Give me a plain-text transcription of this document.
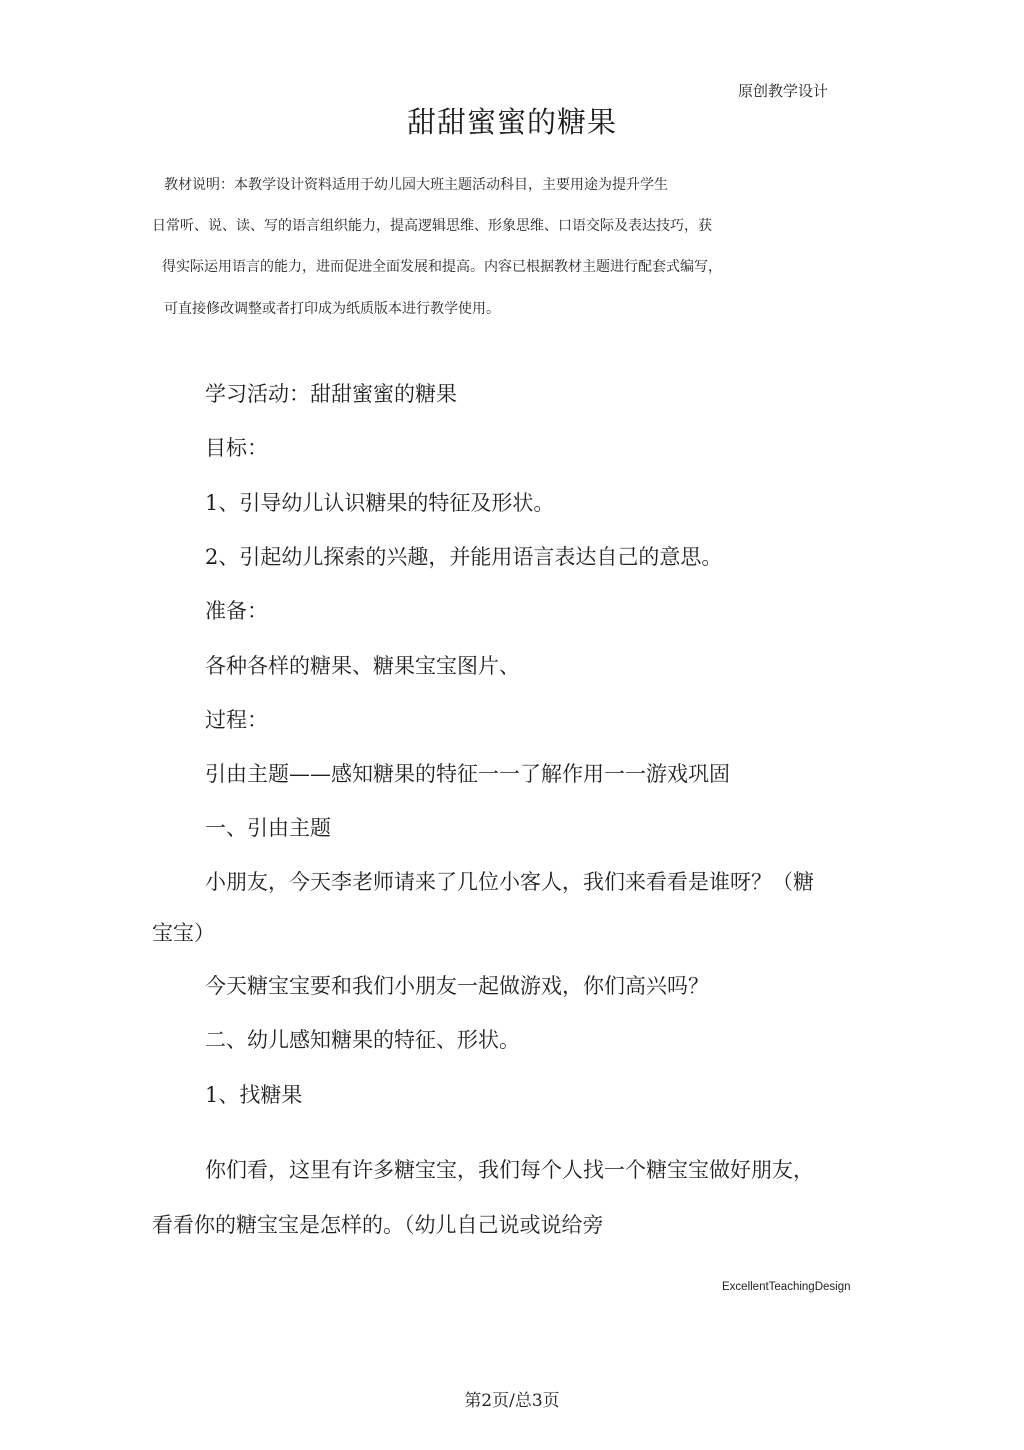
原创教学设计
甜甜蜜蜜的糖果
教材说明：本教学设计资料适用于幼儿园大班主题活动科目，主要用途为提升学生
日常听、说、读、写的语言组织能力，提高逻辑思维、形象思维、口语交际及表达技巧，获
得实际运用语言的能力，进而促进全面发展和提高。内容已根据教材主题进行配套式编写，
可直接修改调整或者打印成为纸质版本进行教学使用。
学习活动：甜甜蜜蜜的糖果
目标：
1、引导幼儿认识糖果的特征及形状。
2、引起幼儿探索的兴趣，并能用语言表达自己的意思。
准备：
各种各样的糖果、糖果宝宝图片、
过程：
引由主题——感知糖果的特征一一了解作用一一游戏巩固
一、引由主题
小朋友，今天李老师请来了几位小客人，我们来看看是谁呀？（糖
宝宝）
今天糖宝宝要和我们小朋友一起做游戏，你们高兴吗？
二、幼儿感知糖果的特征、形状。
1、找糖果
你们看，这里有许多糖宝宝，我们每个人找一个糖宝宝做好朋友，
看看你的糖宝宝是怎样的。（幼儿自己说或说给旁
ExcellentTeachingDesign
第2页/总3页
